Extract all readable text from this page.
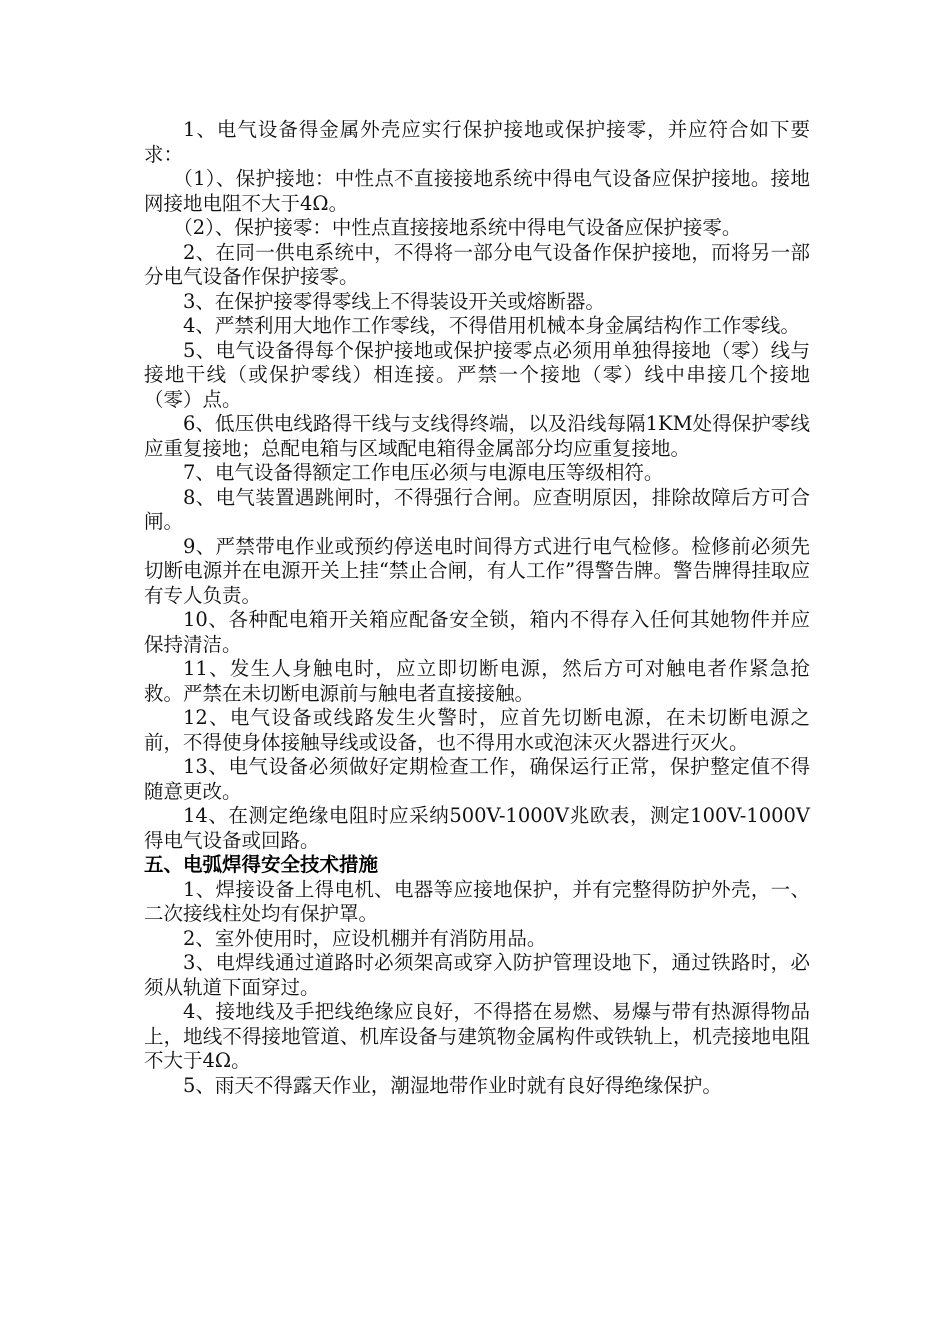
1、电气设备得金属外壳应实行保护接地或保护接零，并应符合如下要求：

（1）、保护接地：中性点不直接接地系统中得电气设备应保护接地。接地网接地电阻不大于4Ω。

（2）、保护接零：中性点直接接地系统中得电气设备应保护接零。

2、在同一供电系统中，不得将一部分电气设备作保护接地，而将另一部分电气设备作保护接零。

3、在保护接零得零线上不得装设开关或熔断器。

4、严禁利用大地作工作零线，不得借用机械本身金属结构作工作零线。

5、电气设备得每个保护接地或保护接零点必须用单独得接地（零）线与接地干线（或保护零线）相连接。严禁一个接地（零）线中串接几个接地（零）点。

6、低压供电线路得干线与支线得终端，以及沿线每隔1KM处得保护零线应重复接地；总配电箱与区域配电箱得金属部分均应重复接地。

7、电气设备得额定工作电压必须与电源电压等级相符。

8、电气装置遇跳闸时，不得强行合闸。应查明原因，排除故障后方可合闸。

9、严禁带电作业或预约停送电时间得方式进行电气检修。检修前必须先切断电源并在电源开关上挂“禁止合闸，有人工作”得警告牌。警告牌得挂取应有专人负责。

10、各种配电箱开关箱应配备安全锁，箱内不得存入任何其她物件并应保持清洁。

11、发生人身触电时，应立即切断电源，然后方可对触电者作紧急抢救。严禁在未切断电源前与触电者直接接触。

12、电气设备或线路发生火警时，应首先切断电源，在未切断电源之前，不得使身体接触导线或设备，也不得用水或泡沫灭火器进行灭火。

13、电气设备必须做好定期检查工作，确保运行正常，保护整定值不得随意更改。

14、在测定绝缘电阻时应采纳500V-1000V兆欧表，测定100V-1000V得电气设备或回路。

五、电弧焊得安全技术措施

1、焊接设备上得电机、电器等应接地保护，并有完整得防护外壳，一、二次接线柱处均有保护罩。

2、室外使用时，应设机棚并有消防用品。

3、电焊线通过道路时必须架高或穿入防护管理设地下，通过铁路时，必须从轨道下面穿过。

4、接地线及手把线绝缘应良好，不得搭在易燃、易爆与带有热源得物品上，地线不得接地管道、机库设备与建筑物金属构件或铁轨上，机壳接地电阻不大于4Ω。

5、雨天不得露天作业，潮湿地带作业时就有良好得绝缘保护。
